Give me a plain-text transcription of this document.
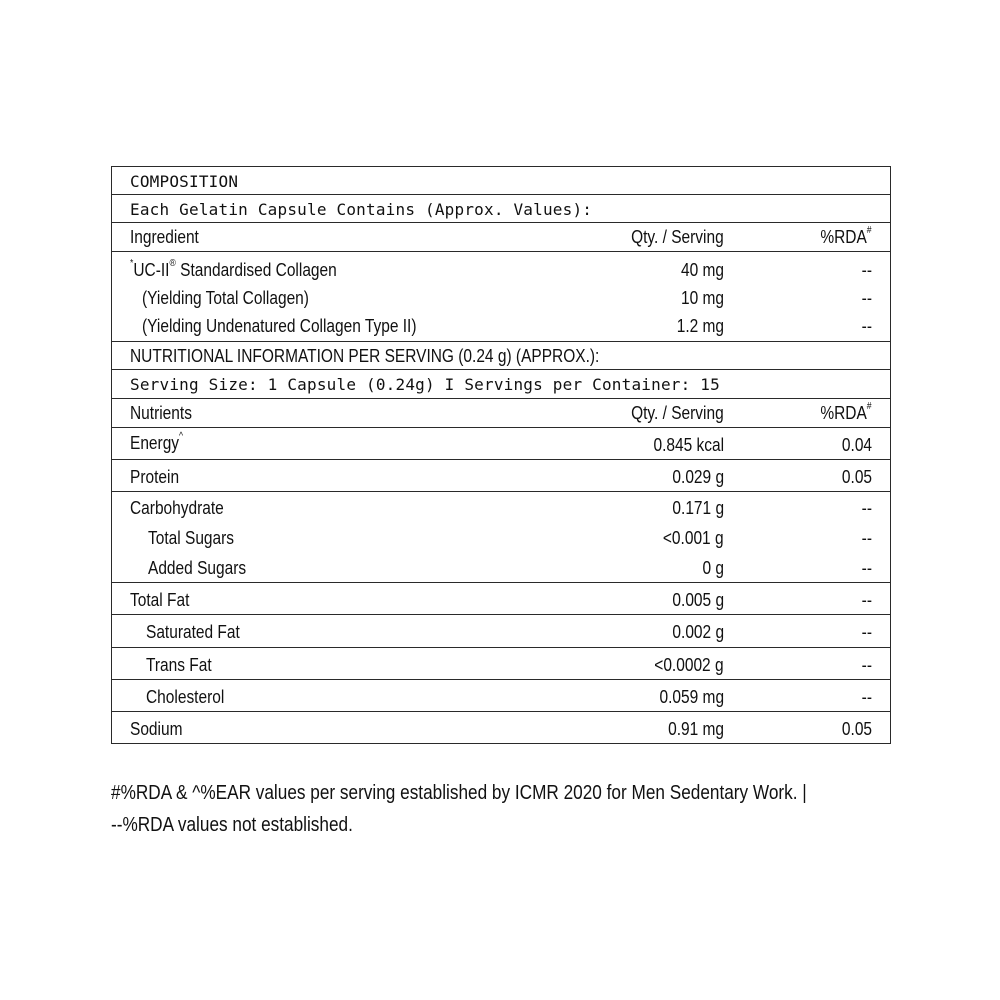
COMPOSITION
Each Gelatin Capsule Contains (Approx. Values):
Ingredient	Qty. / Serving	%RDA#
*UC-II® Standardised Collagen	40 mg	--
(Yielding Total Collagen)	10 mg	--
(Yielding Undenatured Collagen Type II)	1.2 mg	--
NUTRITIONAL INFORMATION PER SERVING (0.24 g) (APPROX.):
Serving Size: 1 Capsule (0.24g) I Servings per Container: 15
Nutrients	Qty. / Serving	%RDA#
Energy^	0.845 kcal	0.04
Protein	0.029 g	0.05
Carbohydrate	0.171 g	--
Total Sugars	<0.001 g	--
Added Sugars	0 g	--
Total Fat	0.005 g	--
Saturated Fat	0.002 g	--
Trans Fat	<0.0002 g	--
Cholesterol	0.059 mg	--
Sodium	0.91 mg	0.05
#%RDA & ^%EAR values per serving established by ICMR 2020 for Men Sedentary Work. |
--%RDA values not established.
